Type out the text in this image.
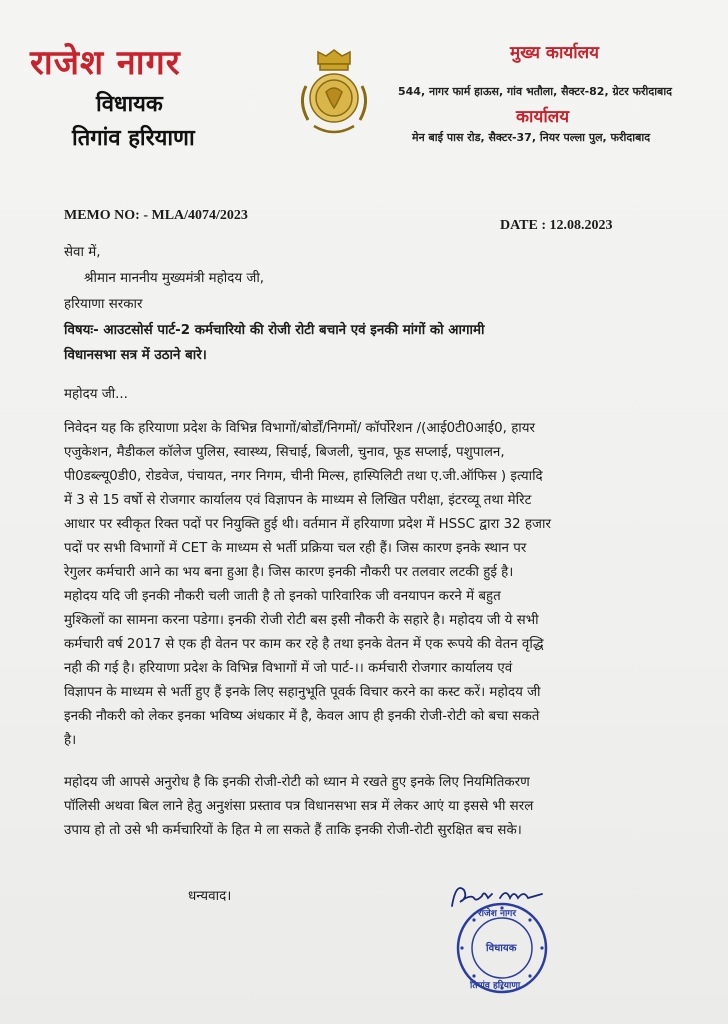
राजेश नागर
विधायक
तिगांव हरियाणा
मुख्य कार्यालय
544, नागर फार्म हाऊस, गांव भतौला, सैक्टर-82, ग्रेटर फरीदाबाद
कार्यालय
मेन बाई पास रोड, सैक्टर-37, नियर पल्ला पुल, फरीदाबाद
MEMO NO: - MLA/4074/2023
DATE : 12.08.2023
सेवा में,
श्रीमान माननीय मुख्यमंत्री महोदय जी,
हरियाणा सरकार
विषयः- आउटसोर्स पार्ट-2 कर्मचारियो की रोजी रोटी बचाने एवं इनकी मांगों को आगामी
विधानसभा सत्र में उठाने बारे।
महोदय जी...
निवेदन यह कि हरियाणा प्रदेश के विभिन्न विभागों/बोर्डों/निगमों/ कॉर्पोरेशन /(आई0टी0आई0, हायर
एजुकेशन, मैडीकल कॉलेज पुलिस, स्वास्थ्य, सिचाई, बिजली, चुनाव, फूड सप्लाई, पशुपालन,
पी0डब्ल्यू0डी0, रोडवेज, पंचायत, नगर निगम, चीनी मिल्स, हास्पिलिटी तथा ए.जी.ऑफिस ) इत्यादि
में 3 से 15 वर्षो से रोजगार कार्यालय एवं विज्ञापन के माध्यम से लिखित परीक्षा, इंटरव्यू तथा मेरिट
आधार पर स्वीकृत रिक्त पदों पर नियुक्ति हुई थी। वर्तमान में हरियाणा प्रदेश में HSSC द्वारा 32 हजार
पदों पर सभी विभागों में CET के माध्यम से भर्ती प्रक्रिया चल रही हैं। जिस कारण इनके स्थान पर
रेगुलर कर्मचारी आने का भय बना हुआ है। जिस कारण इनकी नौकरी पर तलवार लटकी हुई है।
महोदय यदि जी इनकी नौकरी चली जाती है तो इनको पारिवारिक जी वनयापन करने में बहुत
मुश्किलों का सामना करना पडेगा। इनकी रोजी रोटी बस इसी नौकरी के सहारे है। महोदय जी ये सभी
कर्मचारी वर्ष 2017 से एक ही वेतन पर काम कर रहे है तथा इनके वेतन में एक रूपये की वेतन वृद्धि
नही की गई है। हरियाणा प्रदेश के विभिन्न विभागों में जो पार्ट-।। कर्मचारी रोजगार कार्यालय एवं
विज्ञापन के माध्यम से भर्ती हुए हैं इनके लिए सहानुभूति पूवर्क विचार करने का कस्ट करें। महोदय जी
इनकी नौकरी को लेकर इनका भविष्य अंधकार में है, केवल आप ही इनकी रोजी-रोटी को बचा सकते
है।
महोदय जी आपसे अनुरोध है कि इनकी रोजी-रोटी को ध्यान मे रखते हुए इनके लिए नियमितिकरण
पॉलिसी अथवा बिल लाने हेतु अनुशंसा प्रस्ताव पत्र विधानसभा सत्र में लेकर आएं या इससे भी सरल
उपाय हो तो उसे भी कर्मचारियों के हित मे ला सकते हैं ताकि इनकी रोजी-रोटी सुरक्षित बच सके।
धन्यवाद।
राजेश नागर
विधायक
तिगांव हरियाणा
